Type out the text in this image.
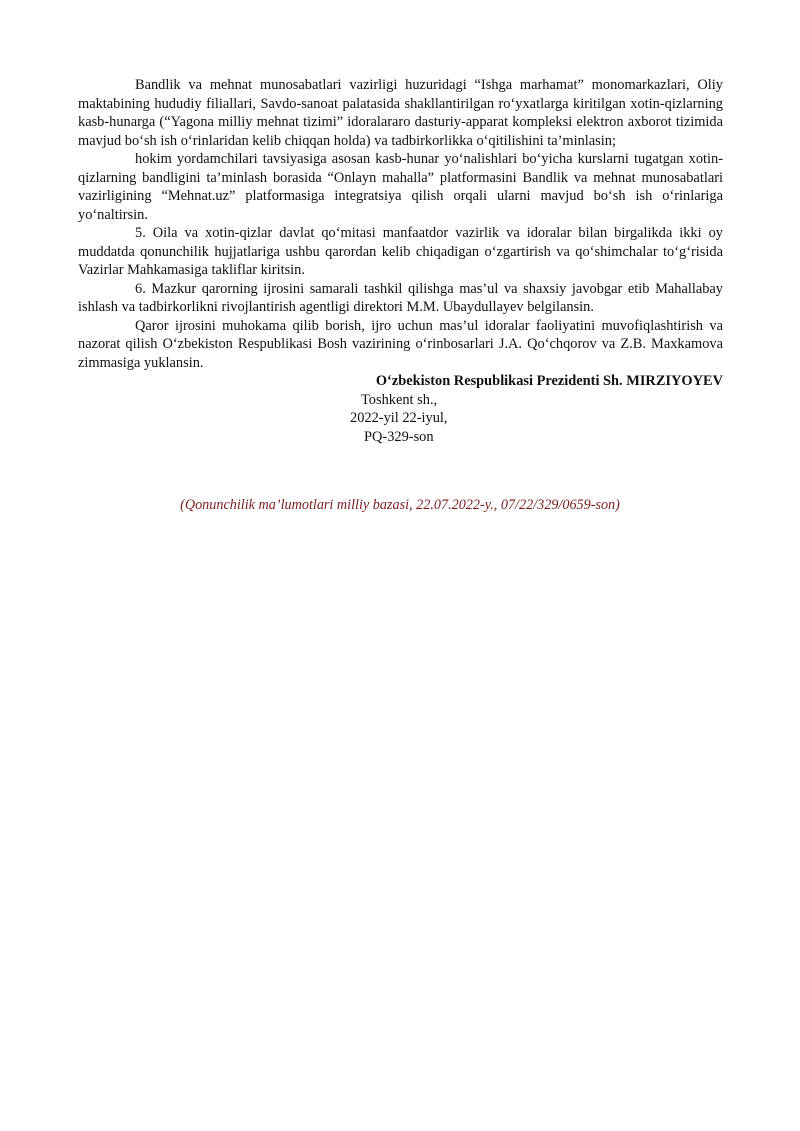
Bandlik va mehnat munosabatlari vazirligi huzuridagi “Ishga marhamat” monomarkazlari, Oliy maktabining hududiy filiallari, Savdo-sanoat palatasida shakllantirilgan ro‘yxatlarga kiritilgan xotin-qizlarning kasb-hunarga (“Yagona milliy mehnat tizimi” idoralararo dasturiy-apparat kompleksi elektron axborot tizimida mavjud bo‘sh ish o‘rinlaridan kelib chiqqan holda) va tadbirkorlikka o‘qitilishini ta’minlasin;

hokim yordamchilari tavsiyasiga asosan kasb-hunar yo‘nalishlari bo‘yicha kurslarni tugatgan xotin-qizlarning bandligini ta’minlash borasida “Onlayn mahalla” platformasini Bandlik va mehnat munosabatlari vazirligining “Mehnat.uz” platformasiga integratsiya qilish orqali ularni mavjud bo‘sh ish o‘rinlariga yo‘naltirsin.

5. Oila va xotin-qizlar davlat qo‘mitasi manfaatdor vazirlik va idoralar bilan birgalikda ikki oy muddatda qonunchilik hujjatlariga ushbu qarordan kelib chiqadigan o‘zgartirish va qo‘shimchalar to‘g‘risida Vazirlar Mahkamasiga takliflar kiritsin.

6. Mazkur qarorning ijrosini samarali tashkil qilishga mas’ul va shaxsiy javobgar etib Mahallabay ishlash va tadbirkorlikni rivojlantirish agentligi direktori M.M. Ubaydullayev belgilansin.

Qaror ijrosini muhokama qilib borish, ijro uchun mas’ul idoralar faoliyatini muvofiqlashtirish va nazorat qilish O‘zbekiston Respublikasi Bosh vazirining o‘rinbosarlari J.A. Qo‘chqorov va Z.B. Maxkamova zimmasiga yuklansin.

O‘zbekiston Respublikasi Prezidenti Sh. MIRZIYOYEV

Toshkent sh.,
2022-yil 22-iyul,
PQ-329-son
(Qonunchilik ma’lumotlari milliy bazasi, 22.07.2022-y., 07/22/329/0659-son)
